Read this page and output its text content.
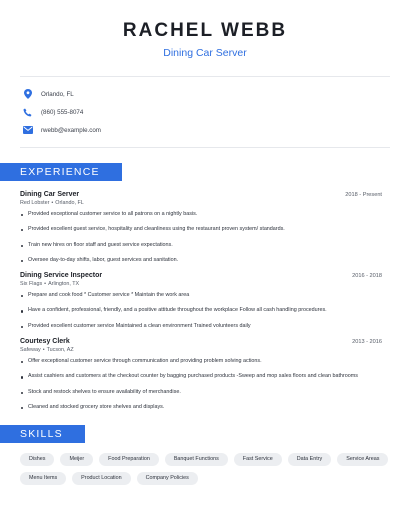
RACHEL WEBB
Dining Car Server
Orlando, FL
(860) 555-8074
rwebb@example.com
EXPERIENCE
Dining Car Server	2018 - Present
Red Lobster • Orlando, FL
Provided exceptional customer service to all patrons on a nightly basis.
Provided excellent guest service, hospitality and cleanliness using the restaurant proven system/ standards.
Train new hires on floor staff and guest service expectations.
Oversee day-to-day shifts, labor, guest services and sanitation.
Dining Service Inspector	2016 - 2018
Six Flags • Arlington, TX
Prepare and cook food * Customer service * Maintain the work area
Have a confident, professional, friendly, and a positive attitude throughout the workplace Follow all cash handling procedures.
Provided excellent customer service Maintained a clean environment Trained volunteers daily
Courtesy Clerk	2013 - 2016
Safeway • Tucson, AZ
Offer exceptional customer service through communication and providing problem solving actions.
Assist cashiers and customers at the checkout counter by bagging purchased products -Sweep and mop sales floors and clean bathrooms
Stock and restock shelves to ensure availability of merchandise.
Cleaned and stocked grocery store shelves and displays.
SKILLS
Dishes	Meijer	Food Preparation	Banquet Functions	Fast Service	Data Entry	Service Areas
Menu Items	Product Location	Company Policies
